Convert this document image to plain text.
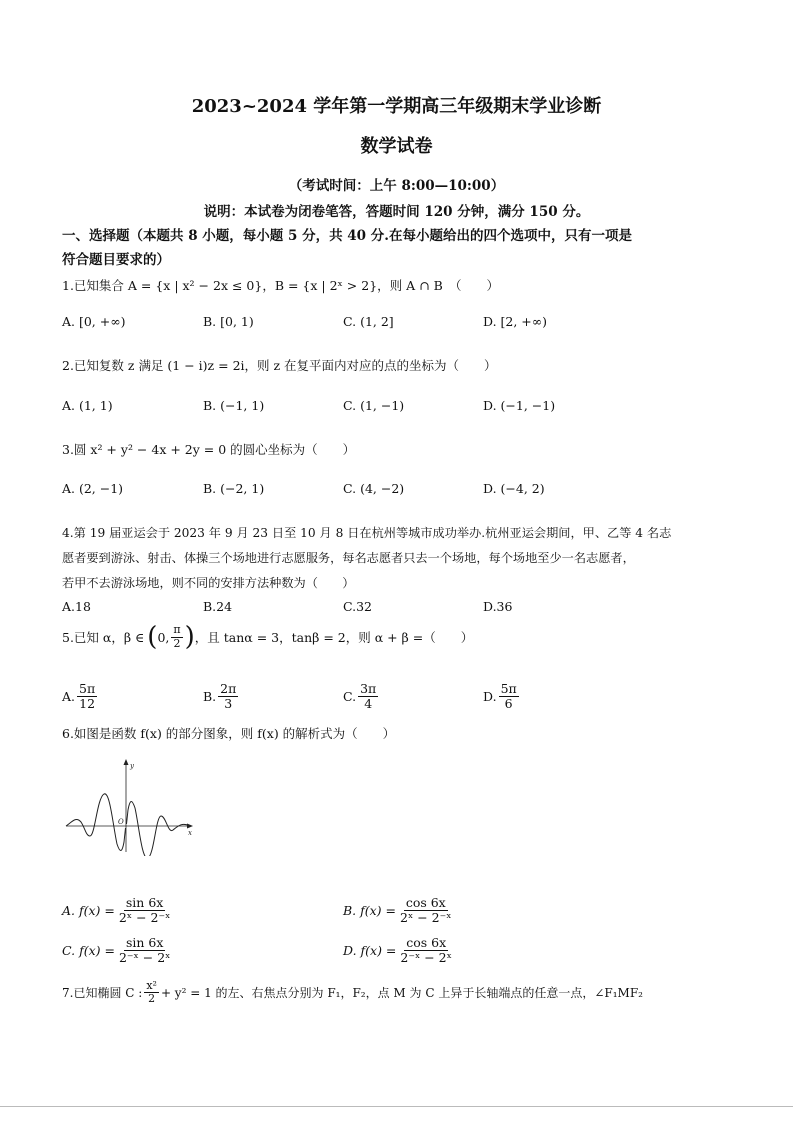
2023~2024 学年第一学期高三年级期末学业诊断
数学试卷
（考试时间：上午 8:00—10:00）
说明：本试卷为闭卷笔答，答题时间 120 分钟，满分 150 分。
一、选择题（本题共 8 小题，每小题 5 分，共 40 分.在每小题给出的四个选项中，只有一项是
符合题目要求的）
1.已知集合 A = {x | x² − 2x ≤ 0}，B = {x | 2ˣ > 2}，则 A ∩ B　（　　）
A. [0, +∞)	B. [0, 1)	C. (1, 2]	D. [2, +∞)
2.已知复数 z 满足 (1 − i)z = 2i，则 z 在复平面内对应的点的坐标为（　　）
A. (1, 1)	B. (−1, 1)	C. (1, −1)	D. (−1, −1)
3.圆 x² + y² − 4x + 2y = 0 的圆心坐标为（　　）
A. (2, −1)	B. (−2, 1)	C. (4, −2)	D. (−4, 2)
4.第 19 届亚运会于 2023 年 9 月 23 日至 10 月 8 日在杭州等城市成功举办.杭州亚运会期间，甲、乙等 4 名志
愿者要到游泳、射击、体操三个场地进行志愿服务，每名志愿者只去一个场地，每个场地至少一名志愿者，
若甲不去游泳场地，则不同的安排方法种数为（　　）
A.18	B.24	C.32	D.36
5.已知 α，β ∈ ( 0, $\frac{\pi}{2}$ ) ，且 tanα = 3，tanβ = 2，则 α + β =（　　）
A. $\frac{5\pi}{12}$	B. $\frac{2\pi}{3}$	C. $\frac{3\pi}{4}$	D. $\frac{5\pi}{6}$
6.如图是函数 f(x) 的部分图象，则 f(x) 的解析式为（　　）
y
x
O
A. $f(x) = \frac{\sin 6x}{\text{2ˣ − 2⁻ˣ}}$	B. $f(x) = \frac{\cos 6x}{\text{2ˣ − 2⁻ˣ}}$
C. $f(x) = \frac{\sin 6x}{\text{2⁻ˣ − 2ˣ}}$	D. $f(x) = \frac{\cos 6x}{\text{2⁻ˣ − 2ˣ}}$
7.已知椭圆 C : $\frac{\text{x²}}{2} + y^2 = 1$ 的左、右焦点分别为 F₁，F₂，点 M 为 C 上异于长轴端点的任意一点，∠F₁MF₂
